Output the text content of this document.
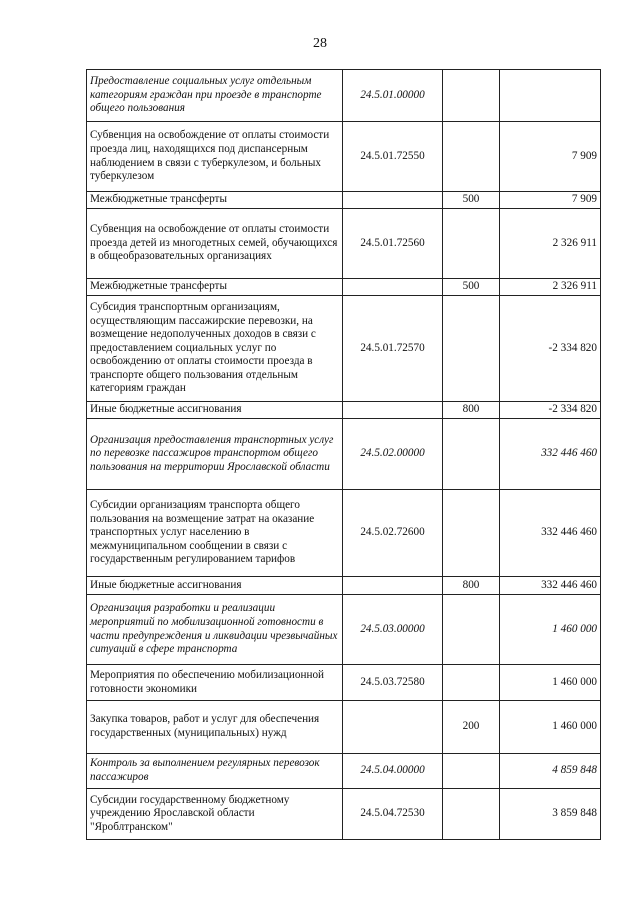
28
Предоставление социальных услуг отдельным категориям граждан при проезде в транспорте общего пользования	24.5.01.00000		
Субвенция на освобождение от оплаты стоимости проезда лиц, находящихся под диспансерным наблюдением в связи с туберкулезом, и больных туберкулезом	24.5.01.72550		7 909
Межбюджетные трансферты		500	7 909
Субвенция на освобождение от оплаты стоимости проезда детей из многодетных семей, обучающихся в общеобразовательных организациях	24.5.01.72560		2 326 911
Межбюджетные трансферты		500	2 326 911
Субсидия транспортным организациям, осуществляющим пассажирские перевозки, на возмещение недополученных доходов в связи с предоставлением социальных услуг по освобождению от оплаты стоимости проезда в транспорте общего пользования отдельным категориям граждан	24.5.01.72570		-2 334 820
Иные бюджетные ассигнования		800	-2 334 820
Организация предоставления транспортных услуг по перевозке пассажиров транспортом общего пользования на территории Ярославской области	24.5.02.00000		332 446 460
Субсидии организациям транспорта общего пользования на возмещение затрат на оказание транспортных услуг населению в межмуниципальном сообщении в связи с государственным регулированием тарифов	24.5.02.72600		332 446 460
Иные бюджетные ассигнования		800	332 446 460
Организация разработки и реализации мероприятий по мобилизационной готовности в части предупреждения и ликвидации чрезвычайных ситуаций в сфере транспорта	24.5.03.00000		1 460 000
Мероприятия по обеспечению мобилизационной готовности экономики	24.5.03.72580		1 460 000
Закупка товаров, работ и услуг для обеспечения государственных (муниципальных) нужд		200	1 460 000
Контроль за выполнением регулярных перевозок пассажиров	24.5.04.00000		4 859 848
Субсидии государственному бюджетному учреждению Ярославской области "Яроблтранском"	24.5.04.72530		3 859 848
